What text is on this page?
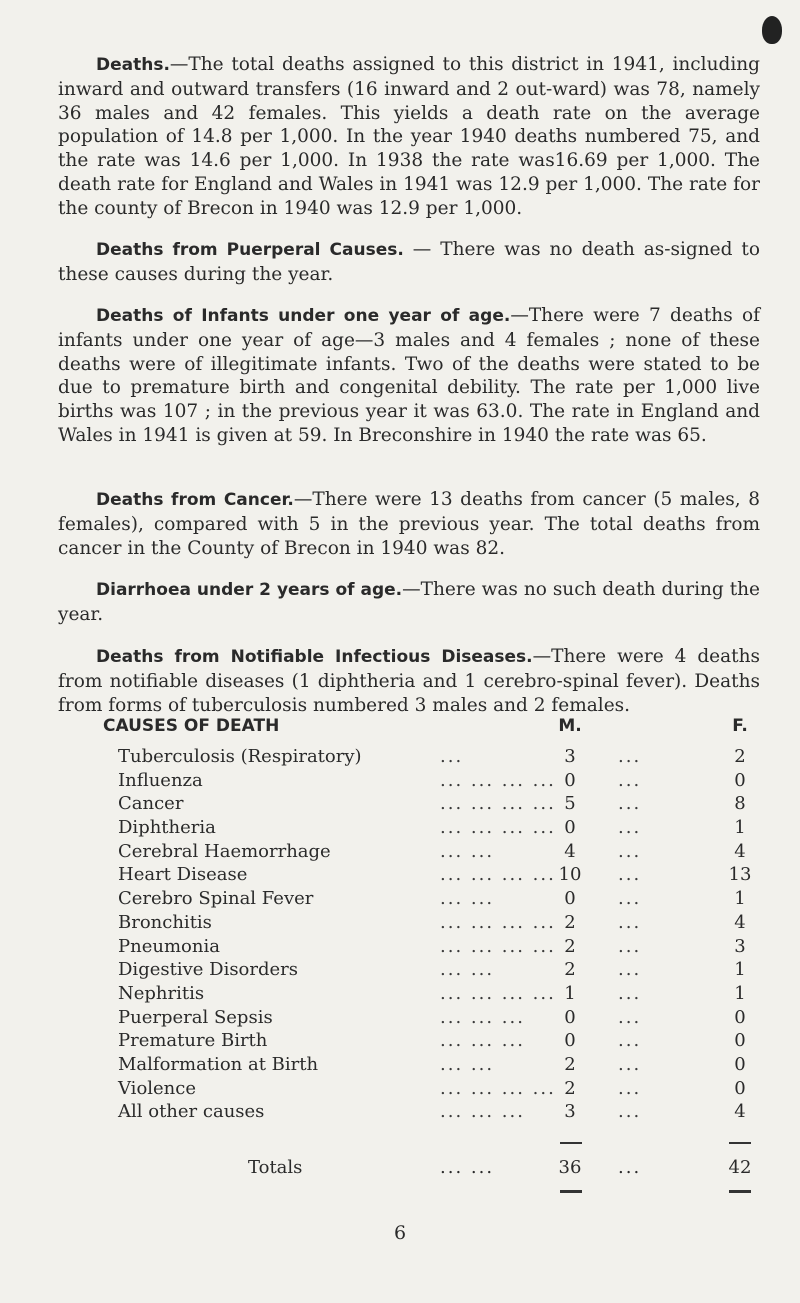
Deaths.—The total deaths assigned to this district in 1941, including inward and outward transfers (16 inward and 2 out-ward) was 78, namely 36 males and 42 females. This yields a death rate on the average population of 14.8 per 1,000. In the year 1940 deaths numbered 75, and the rate was 14.6 per 1,000. In 1938 the rate was16.69 per 1,000. The death rate for England and Wales in 1941 was 12.9 per 1,000. The rate for the county of Brecon in 1940 was 12.9 per 1,000.
Deaths from Puerperal Causes. — There was no death as-signed to these causes during the year.
Deaths of Infants under one year of age.—There were 7 deaths of infants under one year of age—3 males and 4 females ; none of these deaths were of illegitimate infants. Two of the deaths were stated to be due to premature birth and congenital debility. The rate per 1,000 live births was 107 ; in the previous year it was 63.0. The rate in England and Wales in 1941 is given at 59. In Breconshire in 1940 the rate was 65.
Deaths from Cancer.—There were 13 deaths from cancer (5 males, 8 females), compared with 5 in the previous year. The total deaths from cancer in the County of Brecon in 1940 was 82.
Diarrhoea under 2 years of age.—There was no such death during the year.
Deaths from Notifiable Infectious Diseases.—There were 4 deaths from notifiable diseases (1 diphtheria and 1 cerebro-spinal fever). Deaths from forms of tuberculosis numbered 3 males and 2 females.
CAUSES OF DEATH	M.	F.
Tuberculosis (Respiratory)	...	3	...	2
Influenza	... ... ... ... 0	...	0
Cancer	... ... ... ... 5	...	8
Diphtheria	... ... ... ... 0	...	1
Cerebral Haemorrhage	... ...	4	...	4
Heart Disease	... ... ... ... 10	...	13
Cerebro Spinal Fever	... ...	0	...	1
Bronchitis	... ... ... ... 2	...	4
Pneumonia	... ... ... ... 2	...	3
Digestive Disorders	... ...	2	...	1
Nephritis	... ... ... ... 1	...	1
Puerperal Sepsis	... ... ...	0	...	0
Premature Birth	... ... ...	0	...	0
Malformation at Birth	... ...	2	...	0
Violence	... ... ... ... 2	...	0
All other causes	... ... ...	3	...	4
Totals	... ...	36	...	42
6
